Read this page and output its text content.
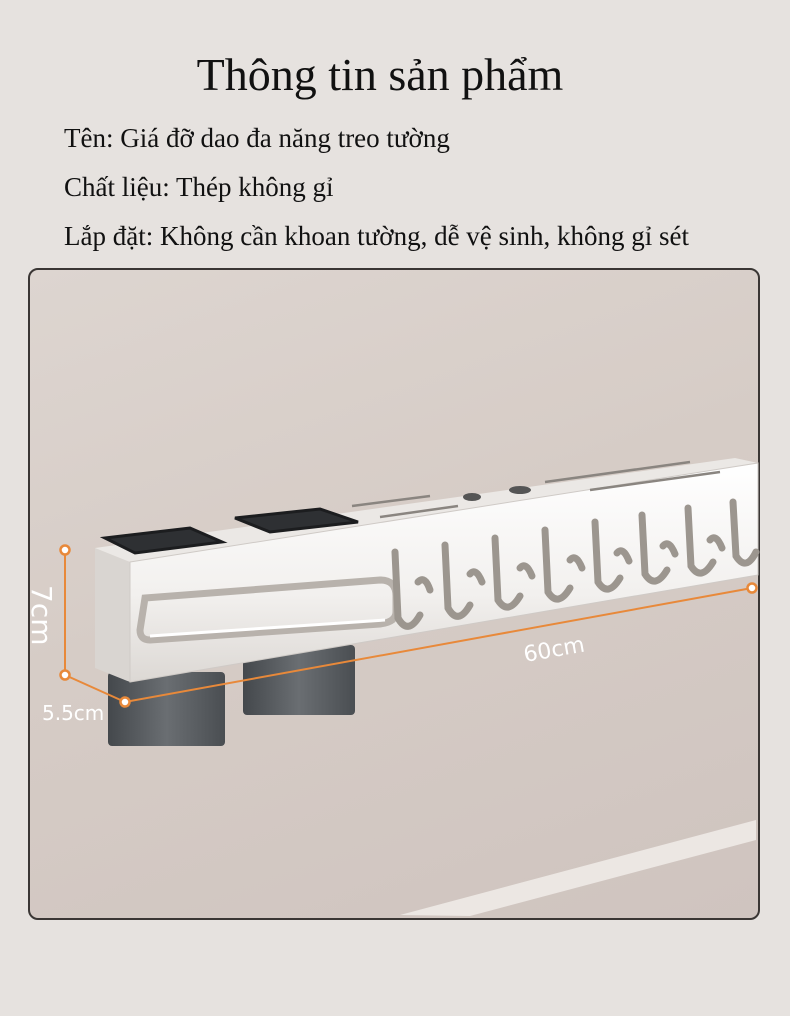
Thông tin sản phẩm
Tên: Giá đỡ dao đa năng treo tường
Chất liệu: Thép không gỉ
Lắp đặt: Không cần khoan tường, dễ vệ sinh, không gỉ sét
7cm
5.5cm
60cm
